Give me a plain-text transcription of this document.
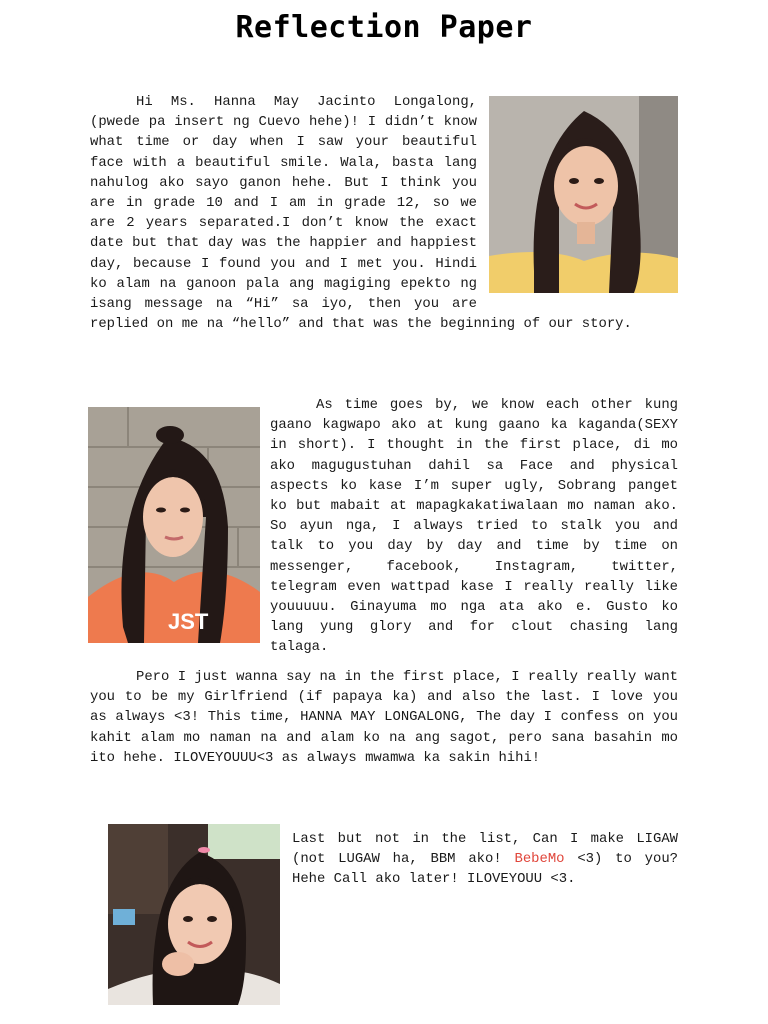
Reflection Paper

Hi Ms. Hanna May Jacinto Longalong, (pwede pa insert ng Cuevo hehe)! I didn’t know what time or day when I saw your beautiful face with a beautiful smile. Wala, basta lang nahulog ako sayo ganon hehe. But I think you are in grade 10 and I am in grade 12, so we are 2 years separated.I don’t know the exact date but that day was the happier and happiest day, because I found you and I met you. Hindi ko alam na ganoon pala ang magiging epekto ng isang message na “Hi” sa iyo, then you are replied on me na “hello” and that was the beginning of our story.

JST

As time goes by, we know each other kung gaano kagwapo ako at kung gaano ka kaganda(SEXY in short). I thought in the first place, di mo ako magugustuhan dahil sa Face and physical aspects ko kase I’m super ugly, Sobrang panget ko but mabait at mapagkakatiwalaan mo naman ako. So ayun nga, I always tried to stalk you and talk to you day by day and time by time on messenger, facebook, Instagram, twitter, telegram even wattpad kase I really really like youuuuu. Ginayuma mo nga ata ako e. Gusto ko lang yung glory and for clout chasing lang talaga.

Pero I just wanna say na in the first place, I really really want you to be my Girlfriend (if papaya ka) and also the last. I love you as always <3! This time, HANNA MAY LONGALONG, The day I confess on you kahit alam mo naman na and alam ko na ang sagot, pero sana basahin mo ito hehe. ILOVEYOUUU<3 as always mwamwa ka sakin hihi!

Last but not in the list, Can I make LIGAW (not LUGAW ha, BBM ako! BebeMo <3) to you? Hehe Call ako later! ILOVEYOUU <3.
